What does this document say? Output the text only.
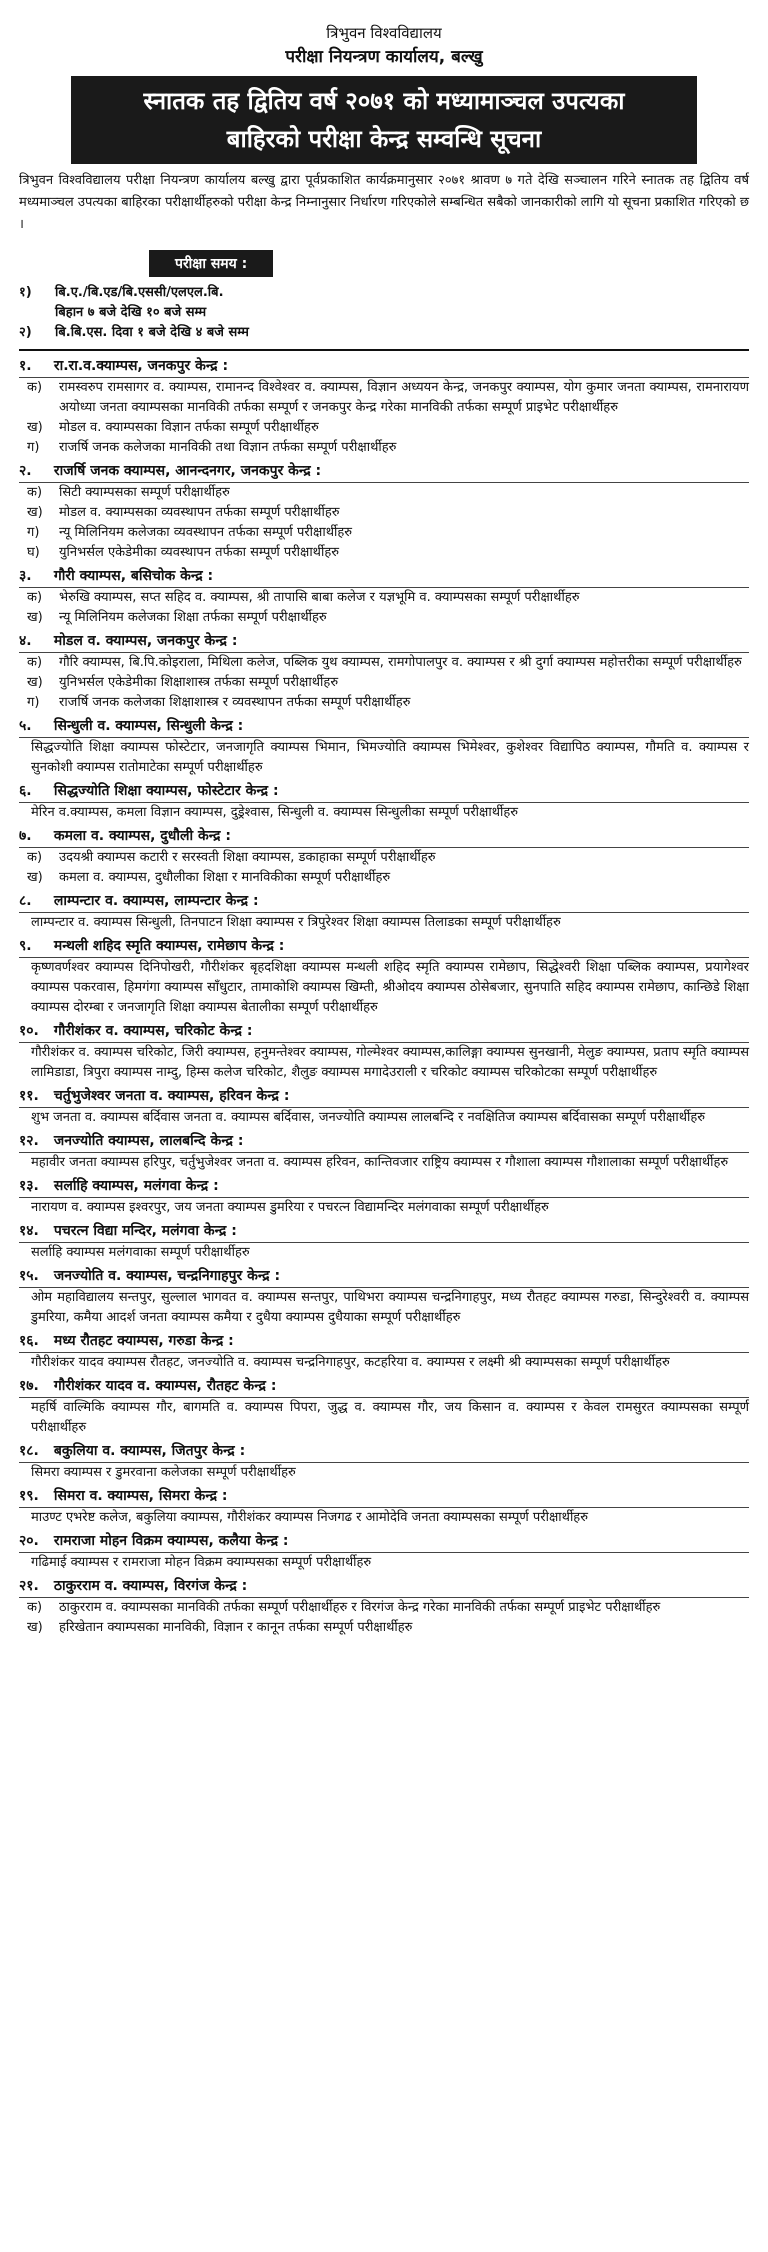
त्रिभुवन विश्वविद्यालय
परीक्षा नियन्त्रण कार्यालय, बल्खु
स्नातक तह द्वितिय वर्ष २०७१ को मध्यामाञ्चल उपत्यका
बाहिरको परीक्षा केन्द्र सम्वन्धि सूचना
त्रिभुवन विश्वविद्यालय परीक्षा नियन्त्रण कार्यालय बल्खु द्वारा पूर्वप्रकाशित कार्यक्रमानुसार २०७१ श्रावण ७ गते देखि सञ्चालन गरिने स्नातक तह द्वितिय वर्ष मध्यमाञ्चल उपत्यका बाहिरका परीक्षार्थीहरुको परीक्षा केन्द्र निम्नानुसार निर्धारण गरिएकोले सम्बन्धित सबैको जानकारीको लागि यो सूचना प्रकाशित गरिएको छ ।
परीक्षा समय :
१)	बि.ए./बि.एड/बि.एससी/एलएल.बि.
बिहान ७ बजे देखि १० बजे सम्म
२)	बि.बि.एस. दिवा १ बजे देखि ४ बजे सम्म
१. रा.रा.व.क्याम्पस, जनकपुर केन्द्र :
क)	रामस्वरुप रामसागर व. क्याम्पस, रामानन्द विश्वेश्वर व. क्याम्पस, विज्ञान अध्ययन केन्द्र, जनकपुर क्याम्पस, योग कुमार जनता क्याम्पस, रामनारायण अयोध्या जनता क्याम्पसका मानविकी तर्फका सम्पूर्ण र जनकपुर केन्द्र गरेका मानविकी तर्फका सम्पूर्ण प्राइभेट परीक्षार्थीहरु
ख)	मोडल व. क्याम्पसका विज्ञान तर्फका सम्पूर्ण परीक्षार्थीहरु
ग)	राजर्षि जनक कलेजका मानविकी तथा विज्ञान तर्फका सम्पूर्ण परीक्षार्थीहरु
२. राजर्षि जनक क्याम्पस, आनन्दनगर, जनकपुर केन्द्र :
क)	सिटी क्याम्पसका सम्पूर्ण परीक्षार्थीहरु
ख)	मोडल व. क्याम्पसका व्यवस्थापन तर्फका सम्पूर्ण परीक्षार्थीहरु
ग)	न्यू मिलिनियम कलेजका व्यवस्थापन तर्फका सम्पूर्ण परीक्षार्थीहरु
घ)	युनिभर्सल एकेडेमीका व्यवस्थापन तर्फका सम्पूर्ण परीक्षार्थीहरु
३. गौरी क्याम्पस, बसिचोक केन्द्र :
क)	भेरुखि क्याम्पस, सप्त सहिद व. क्याम्पस, श्री तापासि बाबा कलेज र यज्ञभूमि व. क्याम्पसका सम्पूर्ण परीक्षार्थीहरु
ख)	न्यू मिलिनियम कलेजका शिक्षा तर्फका सम्पूर्ण परीक्षार्थीहरु
४. मोडल व. क्याम्पस, जनकपुर केन्द्र :
क)	गौरि क्याम्पस, बि.पि.कोइराला, मिथिला कलेज, पब्लिक युथ क्याम्पस, रामगोपालपुर व. क्याम्पस र श्री दुर्गा क्याम्पस महोत्तरीका सम्पूर्ण परीक्षार्थीहरु
ख)	युनिभर्सल एकेडेमीका शिक्षाशास्त्र तर्फका सम्पूर्ण परीक्षार्थीहरु
ग)	राजर्षि जनक कलेजका शिक्षाशास्त्र र व्यवस्थापन तर्फका सम्पूर्ण परीक्षार्थीहरु
५. सिन्धुली व. क्याम्पस, सिन्धुली केन्द्र :
सिद्धज्योति शिक्षा क्याम्पस फोस्टेटार, जनजागृति क्याम्पस भिमान, भिमज्योति क्याम्पस भिमेश्वर, कुशेश्वर विद्यापिठ क्याम्पस, गौमति व. क्याम्पस र सुनकोशी क्याम्पस रातोमाटेका सम्पूर्ण परीक्षार्थीहरु
६. सिद्धज्योति शिक्षा क्याम्पस, फोस्टेटार केन्द्र :
मेरिन व.क्याम्पस, कमला विज्ञान क्याम्पस, दुड्रेश्वास, सिन्धुली व. क्याम्पस सिन्धुलीका सम्पूर्ण परीक्षार्थीहरु
७. कमला व. क्याम्पस, दुधौली केन्द्र :
क)	उदयश्री क्याम्पस कटारी र सरस्वती शिक्षा क्याम्पस, डकाहाका सम्पूर्ण परीक्षार्थीहरु
ख)	कमला व. क्याम्पस, दुधौलीका शिक्षा र मानविकीका सम्पूर्ण परीक्षार्थीहरु
८. लाम्पन्टार व. क्याम्पस, लाम्पन्टार केन्द्र :
लाम्पन्टार व. क्याम्पस सिन्धुली, तिनपाटन शिक्षा क्याम्पस र त्रिपुरेश्वर शिक्षा क्याम्पस तिलाडका सम्पूर्ण परीक्षार्थीहरु
९. मन्थली शहिद स्मृति क्याम्पस, रामेछाप केन्द्र :
कृष्णवर्णश्वर क्याम्पस दिनिपोखरी, गौरीशंकर बृहदशिक्षा क्याम्पस मन्थली शहिद स्मृति क्याम्पस रामेछाप, सिद्धेश्वरी शिक्षा पब्लिक क्याम्पस, प्रयागेश्वर क्याम्पस पकरवास, हिमगंगा क्याम्पस साँधुटार, तामाकोशि क्याम्पस खिम्ती, श्रीओदय क्याम्पस ठोसेबजार, सुनपाति सहिद क्याम्पस रामेछाप, कान्छिडे शिक्षा क्याम्पस दोरम्बा र जनजागृति शिक्षा क्याम्पस बेतालीका सम्पूर्ण परीक्षार्थीहरु
१०. गौरीशंकर व. क्याम्पस, चरिकोट केन्द्र :
गौरीशंकर व. क्याम्पस चरिकोट, जिरी क्याम्पस, हनुमन्तेश्वर क्याम्पस, गोल्मेश्वर क्याम्पस,कालिङ्गा क्याम्पस सुनखानी, मेलुङ क्याम्पस, प्रताप स्मृति क्याम्पस लामिडाडा, त्रिपुरा क्याम्पस नाम्दु, हिम्स कलेज चरिकोट, शैलुङ क्याम्पस मगादेउराली र चरिकोट क्याम्पस चरिकोटका सम्पूर्ण परीक्षार्थीहरु
११. चर्तुभुजेश्वर जनता व. क्याम्पस, हरिवन केन्द्र :
शुभ जनता व. क्याम्पस बर्दिवास जनता व. क्याम्पस बर्दिवास, जनज्योति क्याम्पस लालबन्दि र नवक्षितिज क्याम्पस बर्दिवासका सम्पूर्ण परीक्षार्थीहरु
१२. जनज्योति क्याम्पस, लालबन्दि केन्द्र :
महावीर जनता क्याम्पस हरिपुर, चर्तुभुजेश्वर जनता व. क्याम्पस हरिवन, कान्तिवजार राष्ट्रिय क्याम्पस र गौशाला क्याम्पस गौशालाका सम्पूर्ण परीक्षार्थीहरु
१३. सर्लाहि क्याम्पस, मलंगवा केन्द्र :
नारायण व. क्याम्पस इश्वरपुर, जय जनता क्याम्पस डुमरिया र पचरत्न विद्यामन्दिर मलंगवाका सम्पूर्ण परीक्षार्थीहरु
१४. पचरत्न विद्या मन्दिर, मलंगवा केन्द्र :
सर्लाहि क्याम्पस मलंगवाका सम्पूर्ण परीक्षार्थीहरु
१५. जनज्योति व. क्याम्पस, चन्द्रनिगाहपुर केन्द्र :
ओम महाविद्यालय सन्तपुर, सुल्लाल भागवत व. क्याम्पस सन्तपुर, पाथिभरा क्याम्पस चन्द्रनिगाहपुर, मध्य रौतहट क्याम्पस गरुडा, सिन्दुरेश्वरी व. क्याम्पस डुमरिया, कमैया आदर्श जनता क्याम्पस कमैया र दुधैया क्याम्पस दुधैयाका सम्पूर्ण परीक्षार्थीहरु
१६. मध्य रौतहट क्याम्पस, गरुडा केन्द्र :
गौरीशंकर यादव क्याम्पस रौतहट, जनज्योति व. क्याम्पस चन्द्रनिगाहपुर, कटहरिया व. क्याम्पस र लक्ष्मी श्री क्याम्पसका सम्पूर्ण परीक्षार्थीहरु
१७. गौरीशंकर यादव व. क्याम्पस, रौतहट केन्द्र :
महर्षि वाल्मिकि क्याम्पस गौर, बागमति व. क्याम्पस पिपरा, जुद्ध व. क्याम्पस गौर, जय किसान व. क्याम्पस र केवल रामसुरत क्याम्पसका सम्पूर्ण परीक्षार्थीहरु
१८. बकुलिया व. क्याम्पस, जितपुर केन्द्र :
सिमरा क्याम्पस र डुमरवाना कलेजका सम्पूर्ण परीक्षार्थीहरु
१९. सिमरा व. क्याम्पस, सिमरा केन्द्र :
माउण्ट एभरेष्ट कलेज, बकुलिया क्याम्पस, गौरीशंकर क्याम्पस निजगढ र आमोदेवि जनता क्याम्पसका सम्पूर्ण परीक्षार्थीहरु
२०. रामराजा मोहन विक्रम क्याम्पस, कलैया केन्द्र :
गढिमाई क्याम्पस र रामराजा मोहन विक्रम क्याम्पसका सम्पूर्ण परीक्षार्थीहरु
२१. ठाकुरराम व. क्याम्पस, विरगंज केन्द्र :
क)	ठाकुरराम व. क्याम्पसका मानविकी तर्फका सम्पूर्ण परीक्षार्थीहरु र विरगंज केन्द्र गरेका मानविकी तर्फका सम्पूर्ण प्राइभेट परीक्षार्थीहरु
ख)	हरिखेतान क्याम्पसका मानविकी, विज्ञान र कानून तर्फका सम्पूर्ण परीक्षार्थीहरु
